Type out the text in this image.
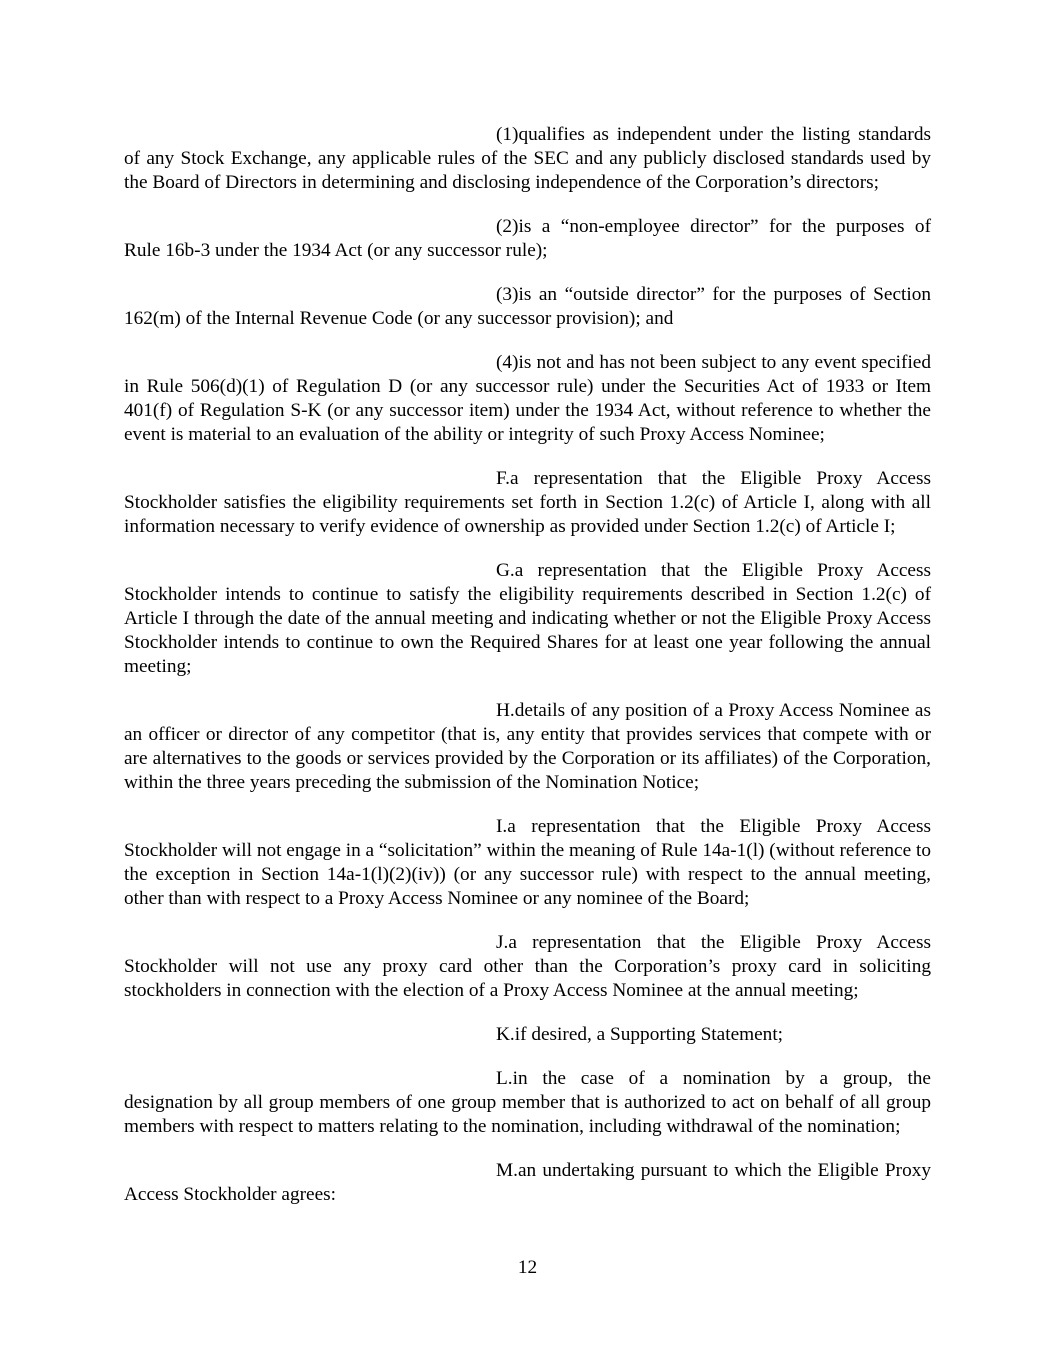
(1)qualifies as independent under the listing standards of any Stock Exchange, any applicable rules of the SEC and any publicly disclosed standards used by the Board of Directors in determining and disclosing independence of the Corporation’s directors;

(2)is a “non-employee director” for the purposes of Rule 16b-3 under the 1934 Act (or any successor rule);

(3)is an “outside director” for the purposes of Section 162(m) of the Internal Revenue Code (or any successor provision); and

(4)is not and has not been subject to any event specified in Rule 506(d)(1) of Regulation D (or any successor rule) under the Securities Act of 1933 or Item 401(f) of Regulation S-K (or any successor item) under the 1934 Act, without reference to whether the event is material to an evaluation of the ability or integrity of such Proxy Access Nominee;

F.a representation that the Eligible Proxy Access Stockholder satisfies the eligibility requirements set forth in Section 1.2(c) of Article I, along with all information necessary to verify evidence of ownership as provided under Section 1.2(c) of Article I;

G.a representation that the Eligible Proxy Access Stockholder intends to continue to satisfy the eligibility requirements described in Section 1.2(c) of Article I through the date of the annual meeting and indicating whether or not the Eligible Proxy Access Stockholder intends to continue to own the Required Shares for at least one year following the annual meeting;

H.details of any position of a Proxy Access Nominee as an officer or director of any competitor (that is, any entity that provides services that compete with or are alternatives to the goods or services provided by the Corporation or its affiliates) of the Corporation, within the three years preceding the submission of the Nomination Notice;

I.a representation that the Eligible Proxy Access Stockholder will not engage in a “solicitation” within the meaning of Rule 14a-1(l) (without reference to the exception in Section 14a-1(l)(2)(iv)) (or any successor rule) with respect to the annual meeting, other than with respect to a Proxy Access Nominee or any nominee of the Board;

J.a representation that the Eligible Proxy Access Stockholder will not use any proxy card other than the Corporation’s proxy card in soliciting stockholders in connection with the election of a Proxy Access Nominee at the annual meeting;

K.if desired, a Supporting Statement;

L.in the case of a nomination by a group, the designation by all group members of one group member that is authorized to act on behalf of all group members with respect to matters relating to the nomination, including withdrawal of the nomination;

M.an undertaking pursuant to which the Eligible Proxy Access Stockholder agrees:

12
